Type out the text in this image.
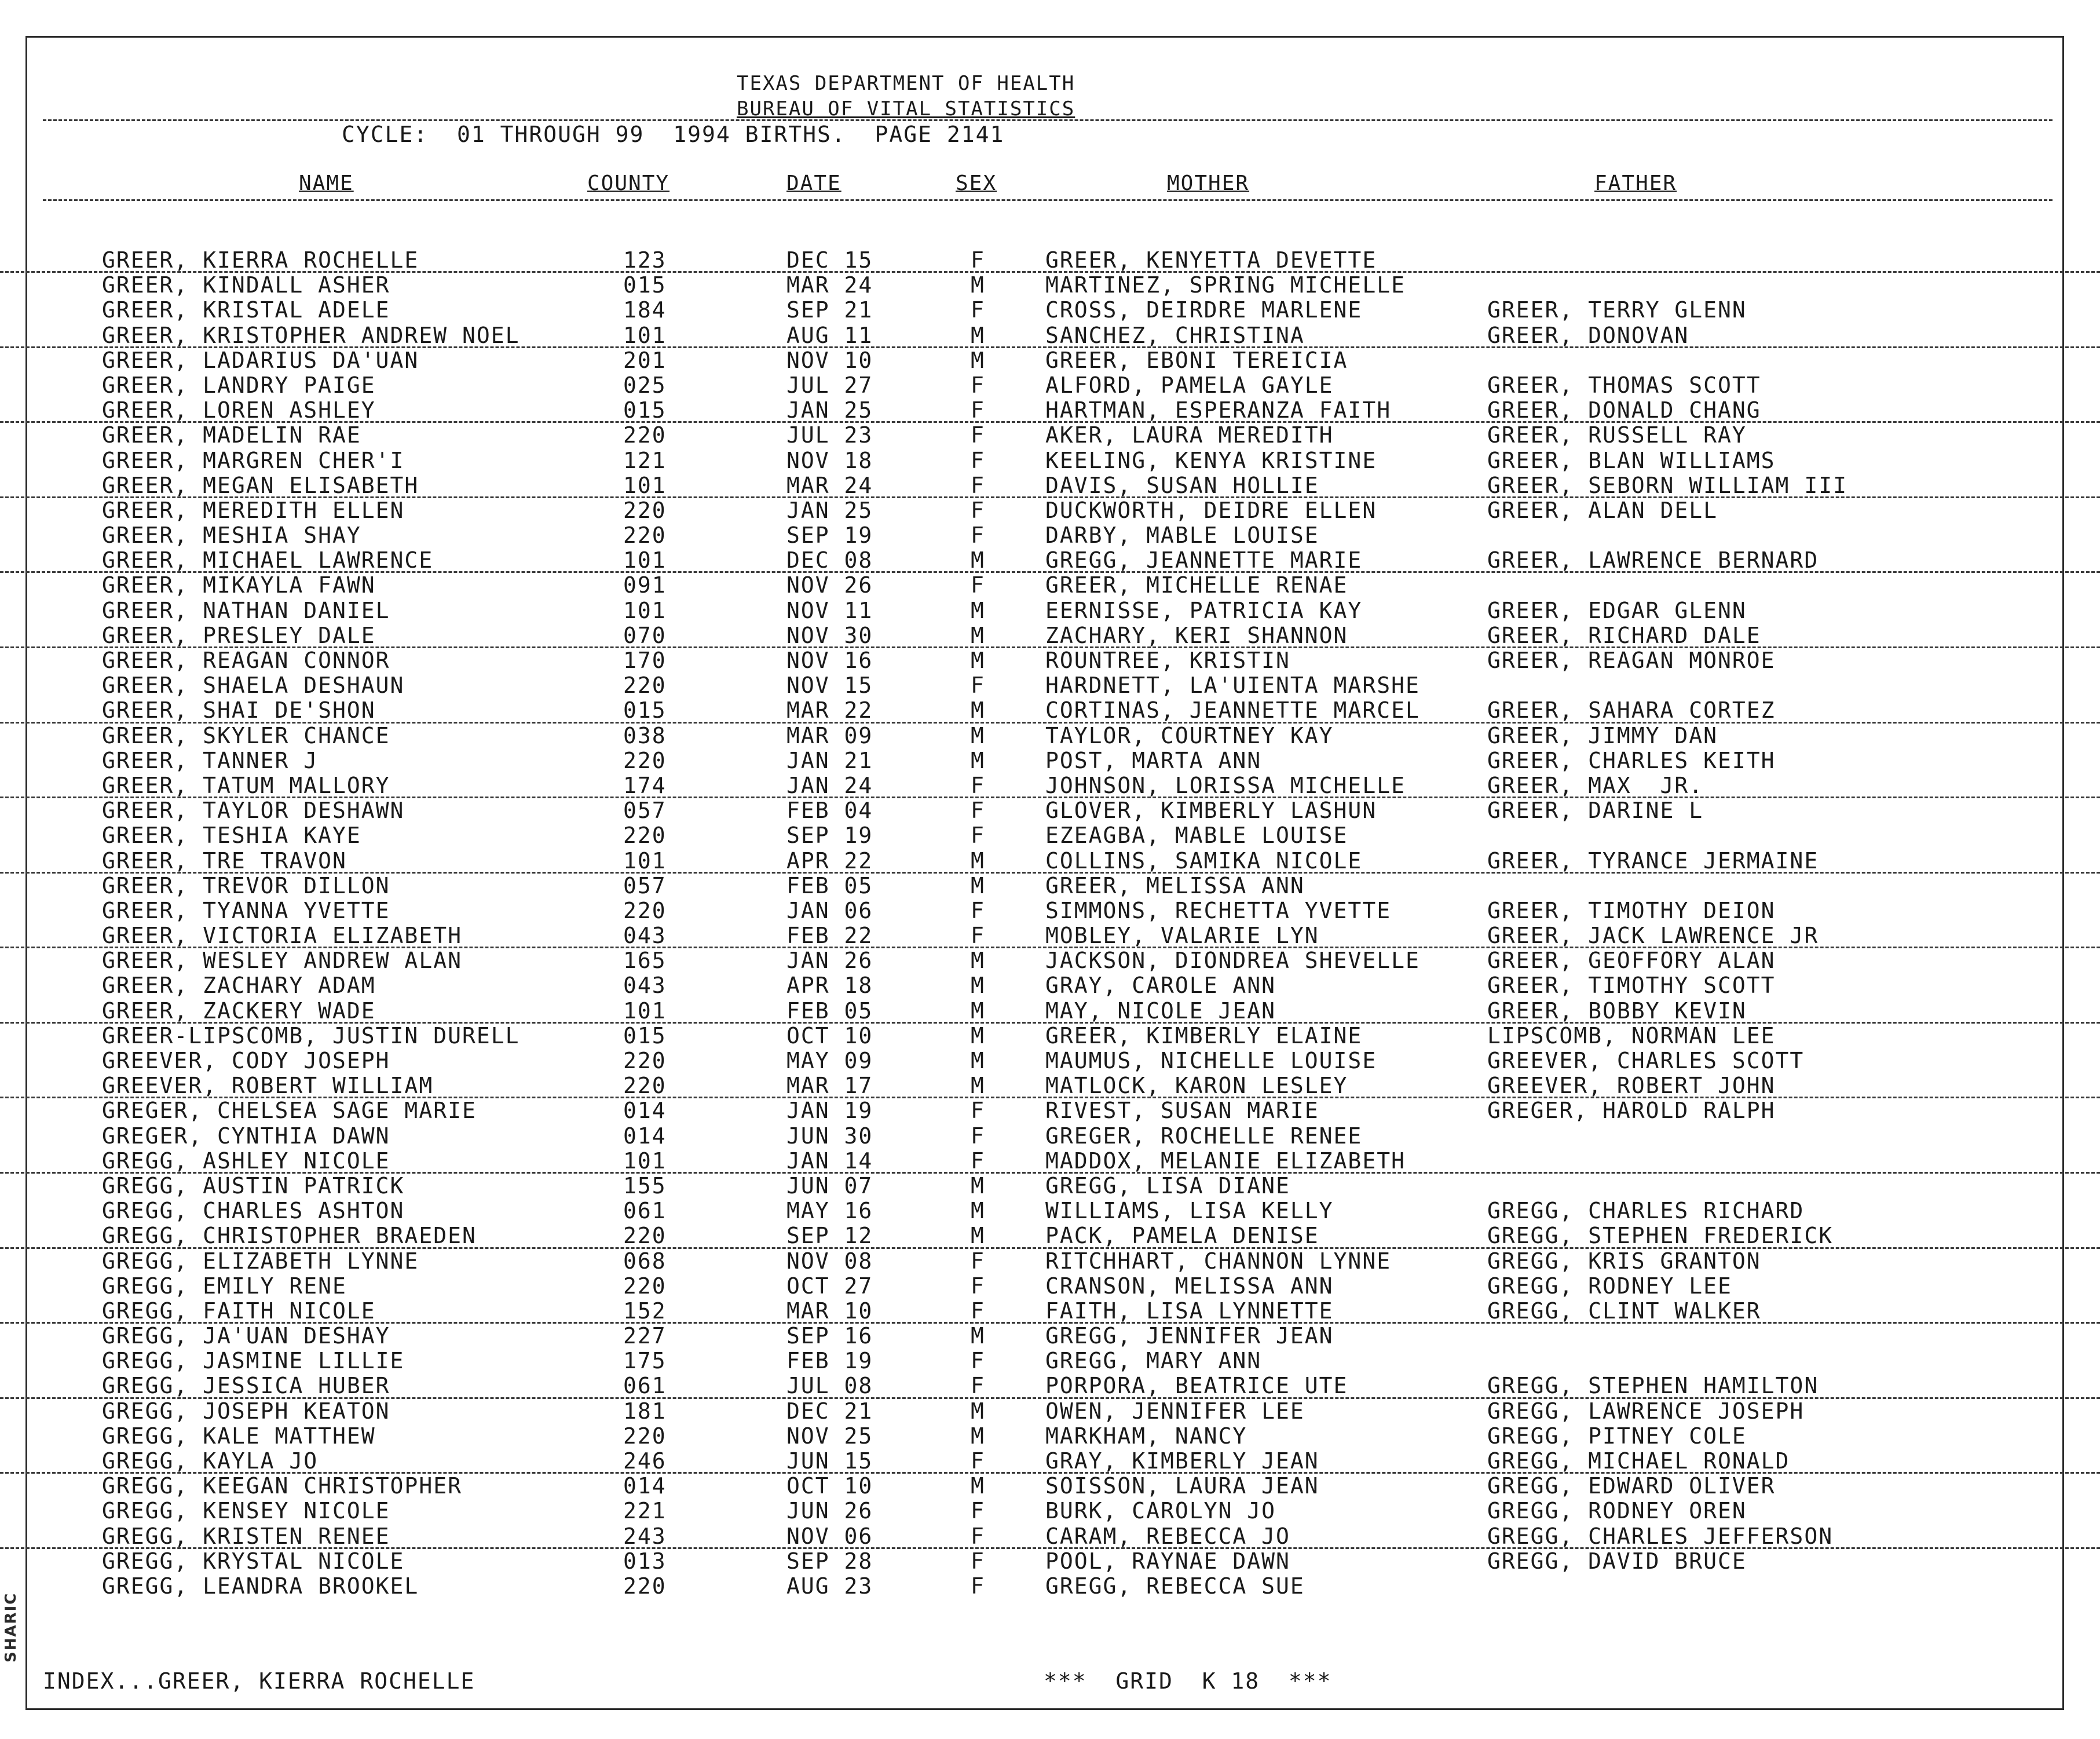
SHARIC
TEXAS DEPARTMENT OF HEALTH
BUREAU OF VITAL STATISTICS
CYCLE:  01 THROUGH 99  1994 BIRTHS.  PAGE 2141
NAME	COUNTY	DATE	SEX	MOTHER	FATHER
GREER, KIERRA ROCHELLE	123	DEC 15	F	GREER, KENYETTA DEVETTE
GREER, KINDALL ASHER	015	MAR 24	M	MARTINEZ, SPRING MICHELLE
GREER, KRISTAL ADELE	184	SEP 21	F	CROSS, DEIRDRE MARLENE	GREER, TERRY GLENN
GREER, KRISTOPHER ANDREW NOEL	101	AUG 11	M	SANCHEZ, CHRISTINA	GREER, DONOVAN
GREER, LADARIUS DA'UAN	201	NOV 10	M	GREER, EBONI TEREICIA
GREER, LANDRY PAIGE	025	JUL 27	F	ALFORD, PAMELA GAYLE	GREER, THOMAS SCOTT
GREER, LOREN ASHLEY	015	JAN 25	F	HARTMAN, ESPERANZA FAITH	GREER, DONALD CHANG
GREER, MADELIN RAE	220	JUL 23	F	AKER, LAURA MEREDITH	GREER, RUSSELL RAY
GREER, MARGREN CHER'I	121	NOV 18	F	KEELING, KENYA KRISTINE	GREER, BLAN WILLIAMS
GREER, MEGAN ELISABETH	101	MAR 24	F	DAVIS, SUSAN HOLLIE	GREER, SEBORN WILLIAM III
GREER, MEREDITH ELLEN	220	JAN 25	F	DUCKWORTH, DEIDRE ELLEN	GREER, ALAN DELL
GREER, MESHIA SHAY	220	SEP 19	F	DARBY, MABLE LOUISE
GREER, MICHAEL LAWRENCE	101	DEC 08	M	GREGG, JEANNETTE MARIE	GREER, LAWRENCE BERNARD
GREER, MIKAYLA FAWN	091	NOV 26	F	GREER, MICHELLE RENAE
GREER, NATHAN DANIEL	101	NOV 11	M	EERNISSE, PATRICIA KAY	GREER, EDGAR GLENN
GREER, PRESLEY DALE	070	NOV 30	M	ZACHARY, KERI SHANNON	GREER, RICHARD DALE
GREER, REAGAN CONNOR	170	NOV 16	M	ROUNTREE, KRISTIN	GREER, REAGAN MONROE
GREER, SHAELA DESHAUN	220	NOV 15	F	HARDNETT, LA'UIENTA MARSHE
GREER, SHAI DE'SHON	015	MAR 22	M	CORTINAS, JEANNETTE MARCEL	GREER, SAHARA CORTEZ
GREER, SKYLER CHANCE	038	MAR 09	M	TAYLOR, COURTNEY KAY	GREER, JIMMY DAN
GREER, TANNER J	220	JAN 21	M	POST, MARTA ANN	GREER, CHARLES KEITH
GREER, TATUM MALLORY	174	JAN 24	F	JOHNSON, LORISSA MICHELLE	GREER, MAX  JR.
GREER, TAYLOR DESHAWN	057	FEB 04	F	GLOVER, KIMBERLY LASHUN	GREER, DARINE L
GREER, TESHIA KAYE	220	SEP 19	F	EZEAGBA, MABLE LOUISE
GREER, TRE TRAVON	101	APR 22	M	COLLINS, SAMIKA NICOLE	GREER, TYRANCE JERMAINE
GREER, TREVOR DILLON	057	FEB 05	M	GREER, MELISSA ANN
GREER, TYANNA YVETTE	220	JAN 06	F	SIMMONS, RECHETTA YVETTE	GREER, TIMOTHY DEION
GREER, VICTORIA ELIZABETH	043	FEB 22	F	MOBLEY, VALARIE LYN	GREER, JACK LAWRENCE JR
GREER, WESLEY ANDREW ALAN	165	JAN 26	M	JACKSON, DIONDREA SHEVELLE	GREER, GEOFFORY ALAN
GREER, ZACHARY ADAM	043	APR 18	M	GRAY, CAROLE ANN	GREER, TIMOTHY SCOTT
GREER, ZACKERY WADE	101	FEB 05	M	MAY, NICOLE JEAN	GREER, BOBBY KEVIN
GREER-LIPSCOMB, JUSTIN DURELL	015	OCT 10	M	GREER, KIMBERLY ELAINE	LIPSCOMB, NORMAN LEE
GREEVER, CODY JOSEPH	220	MAY 09	M	MAUMUS, NICHELLE LOUISE	GREEVER, CHARLES SCOTT
GREEVER, ROBERT WILLIAM	220	MAR 17	M	MATLOCK, KARON LESLEY	GREEVER, ROBERT JOHN
GREGER, CHELSEA SAGE MARIE	014	JAN 19	F	RIVEST, SUSAN MARIE	GREGER, HAROLD RALPH
GREGER, CYNTHIA DAWN	014	JUN 30	F	GREGER, ROCHELLE RENEE
GREGG, ASHLEY NICOLE	101	JAN 14	F	MADDOX, MELANIE ELIZABETH
GREGG, AUSTIN PATRICK	155	JUN 07	M	GREGG, LISA DIANE
GREGG, CHARLES ASHTON	061	MAY 16	M	WILLIAMS, LISA KELLY	GREGG, CHARLES RICHARD
GREGG, CHRISTOPHER BRAEDEN	220	SEP 12	M	PACK, PAMELA DENISE	GREGG, STEPHEN FREDERICK
GREGG, ELIZABETH LYNNE	068	NOV 08	F	RITCHHART, CHANNON LYNNE	GREGG, KRIS GRANTON
GREGG, EMILY RENE	220	OCT 27	F	CRANSON, MELISSA ANN	GREGG, RODNEY LEE
GREGG, FAITH NICOLE	152	MAR 10	F	FAITH, LISA LYNNETTE	GREGG, CLINT WALKER
GREGG, JA'UAN DESHAY	227	SEP 16	M	GREGG, JENNIFER JEAN
GREGG, JASMINE LILLIE	175	FEB 19	F	GREGG, MARY ANN
GREGG, JESSICA HUBER	061	JUL 08	F	PORPORA, BEATRICE UTE	GREGG, STEPHEN HAMILTON
GREGG, JOSEPH KEATON	181	DEC 21	M	OWEN, JENNIFER LEE	GREGG, LAWRENCE JOSEPH
GREGG, KALE MATTHEW	220	NOV 25	M	MARKHAM, NANCY	GREGG, PITNEY COLE
GREGG, KAYLA JO	246	JUN 15	F	GRAY, KIMBERLY JEAN	GREGG, MICHAEL RONALD
GREGG, KEEGAN CHRISTOPHER	014	OCT 10	M	SOISSON, LAURA JEAN	GREGG, EDWARD OLIVER
GREGG, KENSEY NICOLE	221	JUN 26	F	BURK, CAROLYN JO	GREGG, RODNEY OREN
GREGG, KRISTEN RENEE	243	NOV 06	F	CARAM, REBECCA JO	GREGG, CHARLES JEFFERSON
GREGG, KRYSTAL NICOLE	013	SEP 28	F	POOL, RAYNAE DAWN	GREGG, DAVID BRUCE
GREGG, LEANDRA BROOKEL	220	AUG 23	F	GREGG, REBECCA SUE
INDEX...GREER, KIERRA ROCHELLE	***  GRID  K 18  ***
